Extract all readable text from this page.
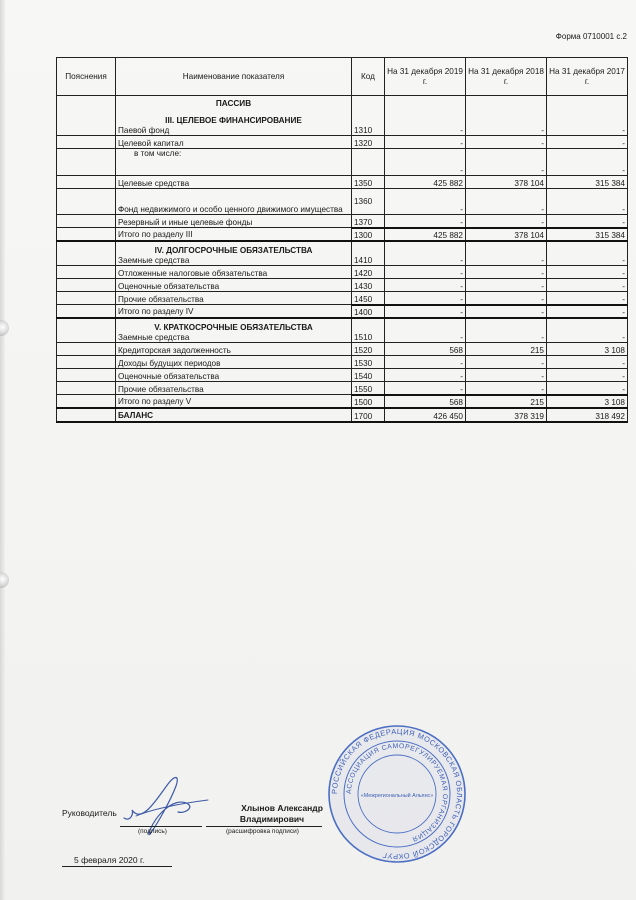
Форма 0710001 с.2
Пояснения	Наименование показателя	Код	На 31 декабря 2019 г.	На 31 декабря 2018 г.	На 31 декабря 2017 г.

	ПАССИВ
III. ЦЕЛЕВОЕ ФИНАНСИРОВАНИЕ
Паевой фонд	1310	-	-	-
	Целевой капитал	1320	-	-	-
	в том числе:		-	-	-
	Целевые средства	1350	425 882	378 104	315 384
	Фонд недвижимого и особо ценного движимого имущества	1360	-	-	-
	Резервный и иные целевые фонды	1370	-	-	-
	Итого по разделу III	1300	425 882	378 104	315 384

	IV. ДОЛГОСРОЧНЫЕ ОБЯЗАТЕЛЬСТВА
Заемные средства	1410	-	-	-
	Отложенные налоговые обязательства	1420	-	-	-
	Оценочные обязательства	1430	-	-	-
	Прочие обязательства	1450	-	-	-
	Итого по разделу IV	1400	-	-	-

	V. КРАТКОСРОЧНЫЕ ОБЯЗАТЕЛЬСТВА
Заемные средства	1510	-	-	-
	Кредиторская задолженность	1520	568	215	3 108
	Доходы будущих периодов	1530	-	-	-
	Оценочные обязательства	1540	-	-	-
	Прочие обязательства	1550	-	-	-
	Итого по разделу V	1500	568	215	3 108
	БАЛАНС	1700	426 450	378 319	318 492
РОССИЙСКАЯ ФЕДЕРАЦИЯ МОСКОВСКАЯ ОБЛАСТЬ ГОРОДСКОЙ ОКРУГ
АССОЦИАЦИЯ САМОРЕГУЛИРУЕМАЯ ОРГАНИЗАЦИЯ
«Межрегиональный Альянс»
Руководитель
(подпись)
Хлынов Александр
Владимирович
(расшифровка подписи)
5 февраля 2020 г.
